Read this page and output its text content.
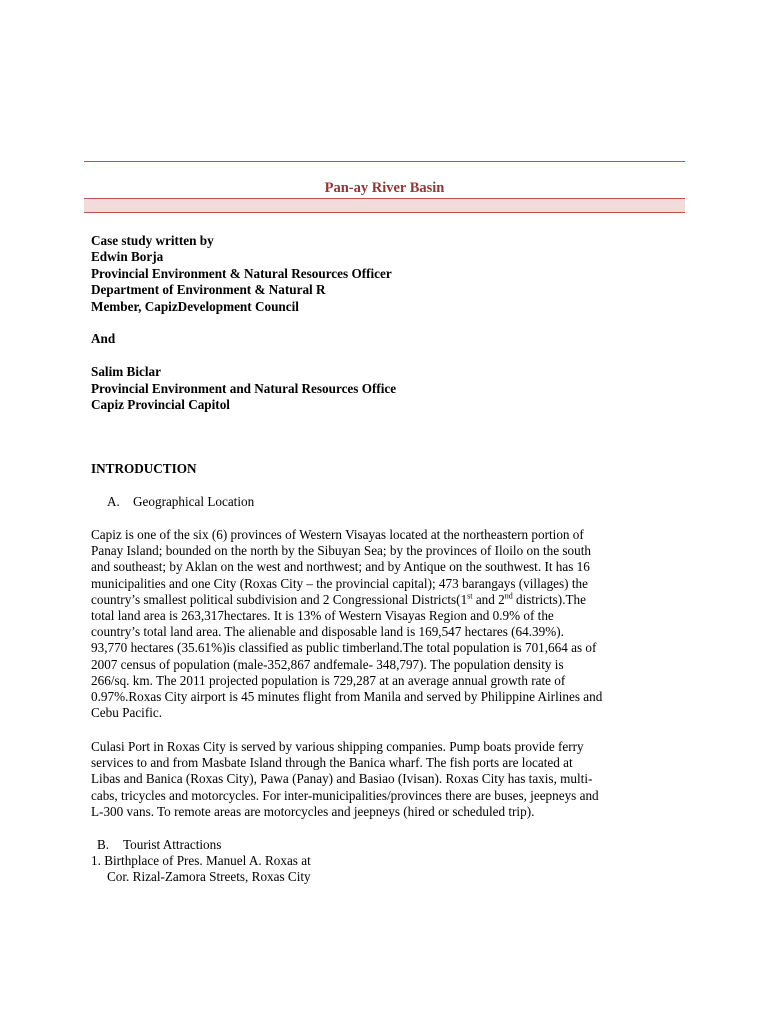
Pan-ay River Basin
Case study written by
Edwin Borja
Provincial Environment & Natural Resources Officer
Department of Environment & Natural R
Member, CapizDevelopment Council
And
Salim Biclar
Provincial Environment and Natural Resources Office
Capiz Provincial Capitol
INTRODUCTION
A. Geographical Location
Capiz is one of the six (6) provinces of Western Visayas located at the northeastern portion of
Panay Island; bounded on the north by the Sibuyan Sea; by the provinces of Iloilo on the south
and southeast; by Aklan on the west and northwest; and by Antique on the southwest. It has 16
municipalities and one City (Roxas City – the provincial capital); 473 barangays (villages) the
country’s smallest political subdivision and 2 Congressional Districts(1st and 2nd districts).The
total land area is 263,317hectares. It is 13% of Western Visayas Region and 0.9% of the
country’s total land area. The alienable and disposable land is 169,547 hectares (64.39%).
93,770 hectares (35.61%)is classified as public timberland.The total population is 701,664 as of
2007 census of population (male-352,867 andfemale- 348,797). The population density is
266/sq. km. The 2011 projected population is 729,287 at an average annual growth rate of
0.97%.Roxas City airport is 45 minutes flight from Manila and served by Philippine Airlines and
Cebu Pacific.
Culasi Port in Roxas City is served by various shipping companies. Pump boats provide ferry
services to and from Masbate Island through the Banica wharf. The fish ports are located at
Libas and Banica (Roxas City), Pawa (Panay) and Basiao (Ivisan). Roxas City has taxis, multi-
cabs, tricycles and motorcycles. For inter-municipalities/provinces there are buses, jeepneys and
L-300 vans. To remote areas are motorcycles and jeepneys (hired or scheduled trip).
B. Tourist Attractions
1. Birthplace of Pres. Manuel A. Roxas at
Cor. Rizal-Zamora Streets, Roxas City
